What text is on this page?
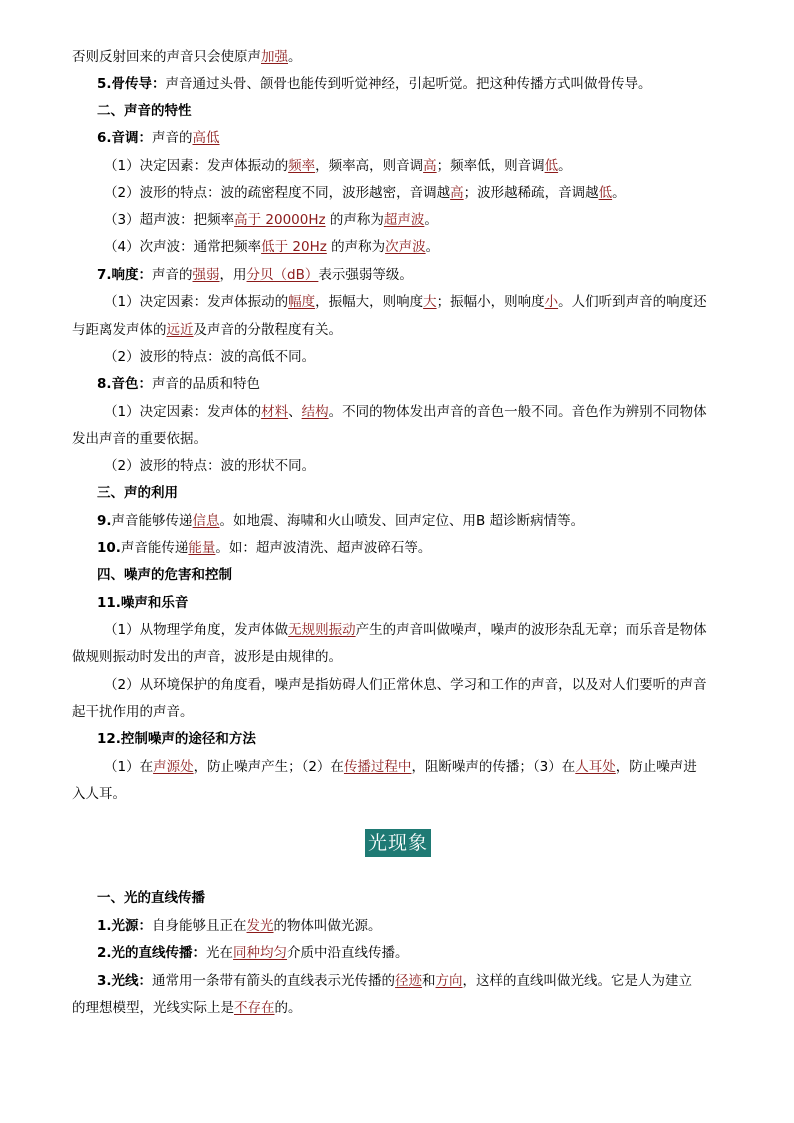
否则反射回来的声音只会使原声加强。
5.骨传导：声音通过头骨、颌骨也能传到听觉神经，引起听觉。把这种传播方式叫做骨传导。
二、声音的特性
6.音调：声音的高低
（1）决定因素：发声体振动的频率，频率高，则音调高；频率低，则音调低。
（2）波形的特点：波的疏密程度不同，波形越密，音调越高；波形越稀疏，音调越低。
（3）超声波：把频率高于 20000Hz 的声称为超声波。
（4）次声波：通常把频率低于 20Hz 的声称为次声波。
7.响度：声音的强弱，用分贝（dB）表示强弱等级。
（1）决定因素：发声体振动的幅度，振幅大，则响度大；振幅小，则响度小。人们听到声音的响度还
与距离发声体的远近及声音的分散程度有关。
（2）波形的特点：波的高低不同。
8.音色：声音的品质和特色
（1）决定因素：发声体的材料、结构。不同的物体发出声音的音色一般不同。音色作为辨别不同物体
发出声音的重要依据。
（2）波形的特点：波的形状不同。
三、声的利用
9.声音能够传递信息。如地震、海啸和火山喷发、回声定位、用B 超诊断病情等。
10.声音能传递能量。如：超声波清洗、超声波碎石等。
四、噪声的危害和控制
11.噪声和乐音
（1）从物理学角度，发声体做无规则振动产生的声音叫做噪声，噪声的波形杂乱无章；而乐音是物体
做规则振动时发出的声音，波形是由规律的。
（2）从环境保护的角度看，噪声是指妨碍人们正常休息、学习和工作的声音，以及对人们要听的声音
起干扰作用的声音。
12.控制噪声的途径和方法
（1）在声源处，防止噪声产生；（2）在传播过程中，阻断噪声的传播；（3）在人耳处，防止噪声进
入人耳。
光现象
一、光的直线传播
1.光源：自身能够且正在发光的物体叫做光源。
2.光的直线传播：光在同种均匀介质中沿直线传播。
3.光线：通常用一条带有箭头的直线表示光传播的径迹和方向，这样的直线叫做光线。它是人为建立
的理想模型，光线实际上是不存在的。
